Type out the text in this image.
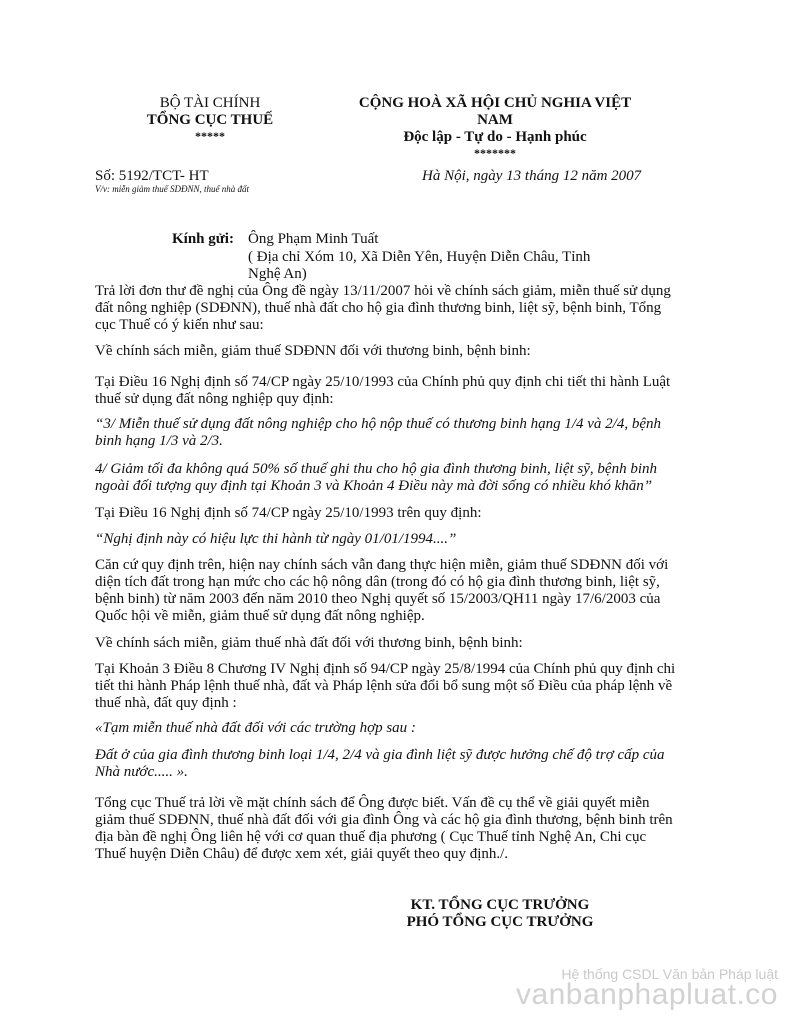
BỘ TÀI CHÍNH
TỔNG CỤC THUẾ
*****
CỘNG HOÀ XÃ HỘI CHỦ NGHIA VIỆT
NAM
Độc lập - Tự do - Hạnh phúc
*******
Số: 5192/TCT- HT
V/v: miễn giảm thuế SDĐNN, thuế nhà đất
Hà Nội, ngày 13 tháng 12 năm 2007
Kính gửi: Ông Phạm Minh Tuất
( Địa chỉ Xóm 10, Xã Diễn Yên, Huyện Diễn Châu, Tỉnh
Nghệ An)
Trả lời đơn thư đề nghị của Ông đề ngày 13/11/2007 hỏi về chính sách giảm, miễn thuế sử dụng
đất nông nghiệp (SDĐNN), thuế nhà đất cho hộ gia đình thương binh, liệt sỹ, bệnh binh, Tổng
cục Thuế có ý kiến như sau:
Về chính sách miễn, giảm thuế SDĐNN đối với thương binh, bệnh binh:
Tại Điều 16 Nghị định số 74/CP ngày 25/10/1993 của Chính phủ quy định chi tiết thi hành Luật
thuế sử dụng đất nông nghiệp quy định:
“3/ Miễn thuế sử dụng đất nông nghiệp cho hộ nộp thuế có thương binh hạng 1/4 và 2/4, bệnh
binh hạng 1/3 và 2/3.
4/ Giảm tối đa không quá 50% số thuế ghi thu cho hộ gia đình thương binh, liệt sỹ, bệnh binh
ngoài đối tượng quy định tại Khoản 3 và Khoản 4 Điều này mà đời sống có nhiều khó khăn”
Tại Điều 16 Nghị định số 74/CP ngày 25/10/1993 trên quy định:
“Nghị định này có hiệu lực thi hành từ ngày 01/01/1994....”
Căn cứ quy định trên, hiện nay chính sách vẫn đang thực hiện miễn, giảm thuế SDĐNN đối với
diện tích đất trong hạn mức cho các hộ nông dân (trong đó có hộ gia đình thương binh, liệt sỹ,
bệnh binh) từ năm 2003 đến năm 2010 theo Nghị quyết số 15/2003/QH11 ngày 17/6/2003 của
Quốc hội về miễn, giảm thuế sử dụng đất nông nghiệp.
Về chính sách miễn, giảm thuế nhà đất đối với thương binh, bệnh binh:
Tại Khoản 3 Điều 8 Chương IV Nghị định số 94/CP ngày 25/8/1994 của Chính phủ quy định chi
tiết thi hành Pháp lệnh thuế nhà, đất và Pháp lệnh sửa đổi bổ sung một số Điều của pháp lệnh về
thuế nhà, đất quy định :
«Tạm miễn thuế nhà đất đối với các trường hợp sau :
Đất ở của gia đình thương binh loại 1/4, 2/4 và gia đình liệt sỹ được hưởng chế độ trợ cấp của
Nhà nước..... ».
Tổng cục Thuế trả lời về mặt chính sách để Ông được biết. Vấn đề cụ thể về giải quyết miễn
giảm thuế SDĐNN, thuế nhà đất đối với gia đình Ông và các hộ gia đình thương, bệnh binh trên
địa bàn đề nghị Ông liên hệ với cơ quan thuế địa phương ( Cục Thuế tỉnh Nghệ An, Chi cục
Thuế huyện Diễn Châu) để được xem xét, giải quyết theo quy định./.
KT. TỔNG CỤC TRƯỞNG
PHÓ TỔNG CỤC TRƯỞNG
Hệ thống CSDL Văn bản Pháp luật
vanbanphapluat.co
